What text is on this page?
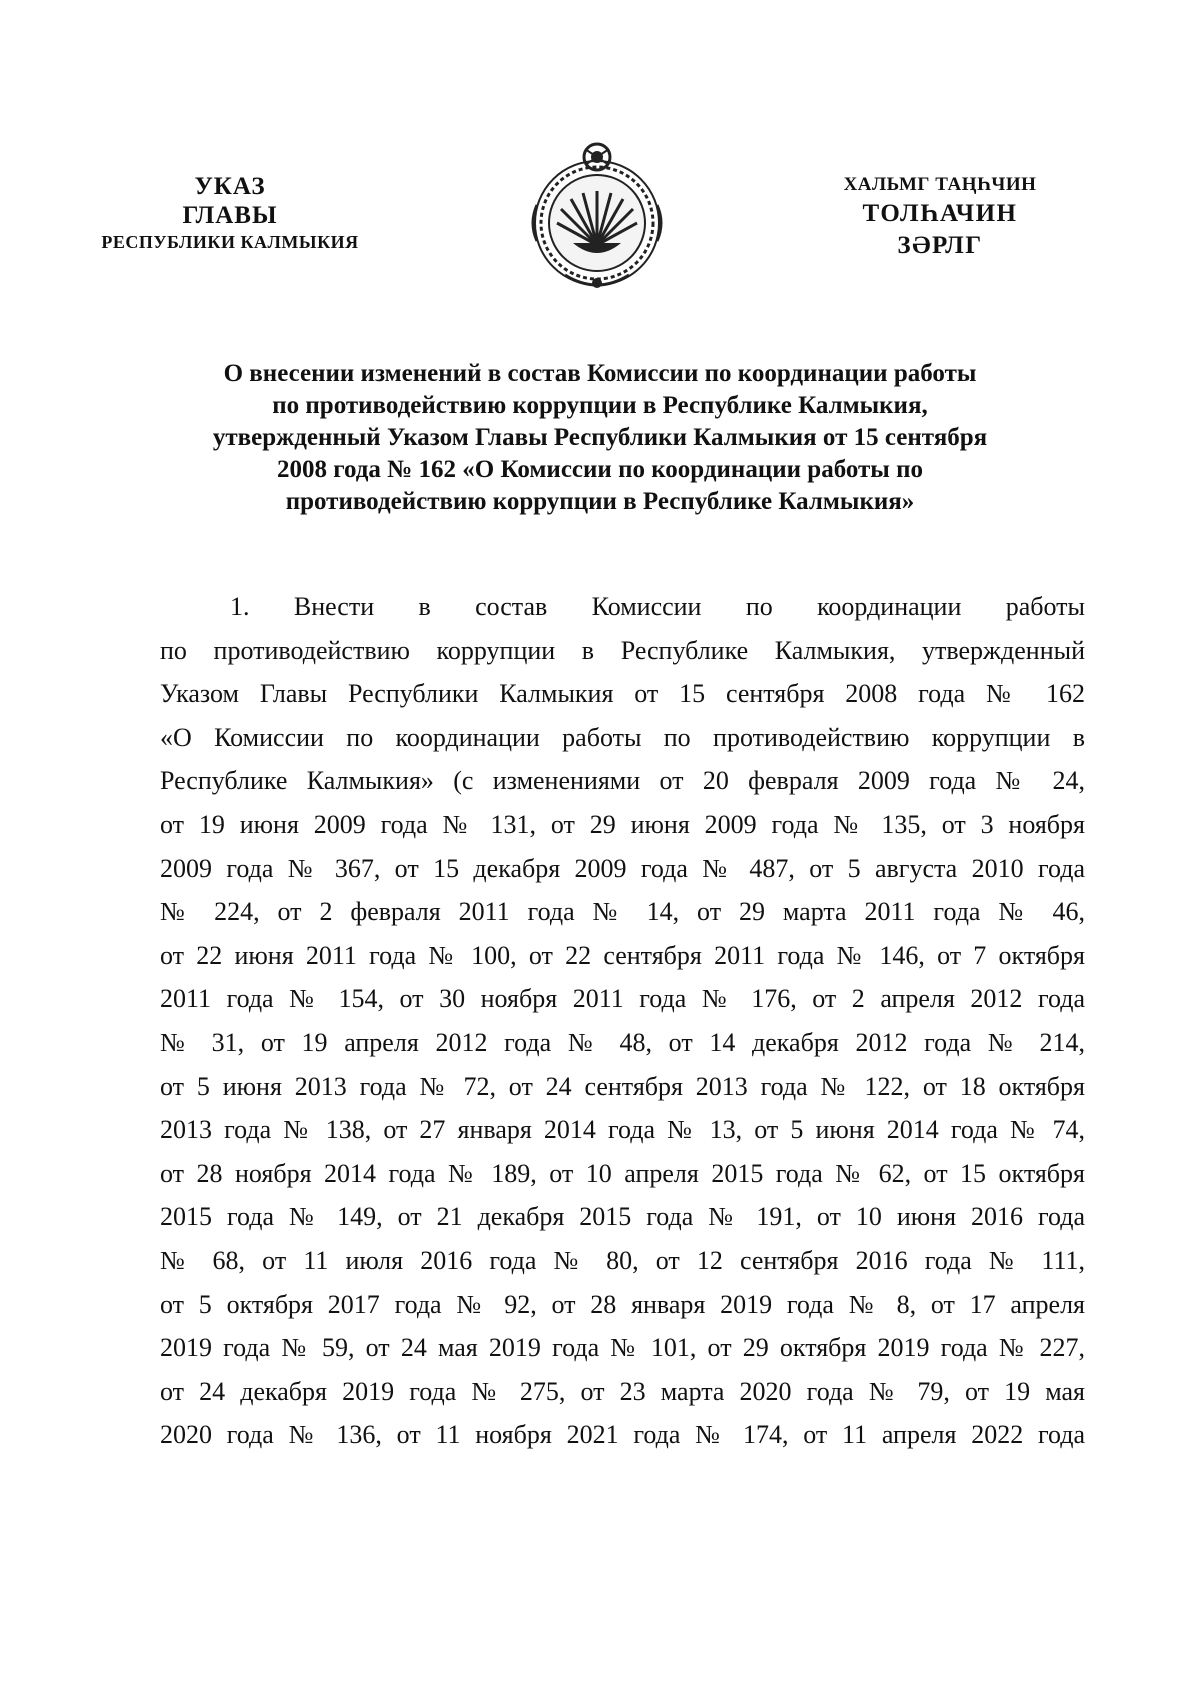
УКАЗ
ГЛАВЫ
РЕСПУБЛИКИ КАЛМЫКИЯ
ХАЛЬМГ ТАҢҺЧИН
ТОЛҺАЧИН
ЗӘРЛГ
О внесении изменений в состав Комиссии по координации работы
по противодействию коррупции в Республике Калмыкия,
утвержденный Указом Главы Республики Калмыкия от 15 сентября
2008 года № 162 «О Комиссии по координации работы по
противодействию коррупции в Республике Калмыкия»
1. Внести в состав Комиссии по координации работы
по противодействию коррупции в Республике Калмыкия, утвержденный
Указом Главы Республики Калмыкия от 15 сентября 2008 года № 162
«О Комиссии по координации работы по противодействию коррупции в
Республике Калмыкия» (с изменениями от 20 февраля 2009 года № 24,
от 19 июня 2009 года № 131, от 29 июня 2009 года № 135, от 3 ноября
2009 года № 367, от 15 декабря 2009 года № 487, от 5 августа 2010 года
№ 224, от 2 февраля 2011 года № 14, от 29 марта 2011 года № 46,
от 22 июня 2011 года № 100, от 22 сентября 2011 года № 146, от 7 октября
2011 года № 154, от 30 ноября 2011 года № 176, от 2 апреля 2012 года
№ 31, от 19 апреля 2012 года № 48, от 14 декабря 2012 года № 214,
от 5 июня 2013 года № 72, от 24 сентября 2013 года № 122, от 18 октября
2013 года № 138, от 27 января 2014 года № 13, от 5 июня 2014 года № 74,
от 28 ноября 2014 года № 189, от 10 апреля 2015 года № 62, от 15 октября
2015 года № 149, от 21 декабря 2015 года № 191, от 10 июня 2016 года
№ 68, от 11 июля 2016 года № 80, от 12 сентября 2016 года № 111,
от 5 октября 2017 года № 92, от 28 января 2019 года № 8, от 17 апреля
2019 года № 59, от 24 мая 2019 года № 101, от 29 октября 2019 года № 227,
от 24 декабря 2019 года № 275, от 23 марта 2020 года № 79, от 19 мая
2020 года № 136, от 11 ноября 2021 года № 174, от 11 апреля 2022 года
